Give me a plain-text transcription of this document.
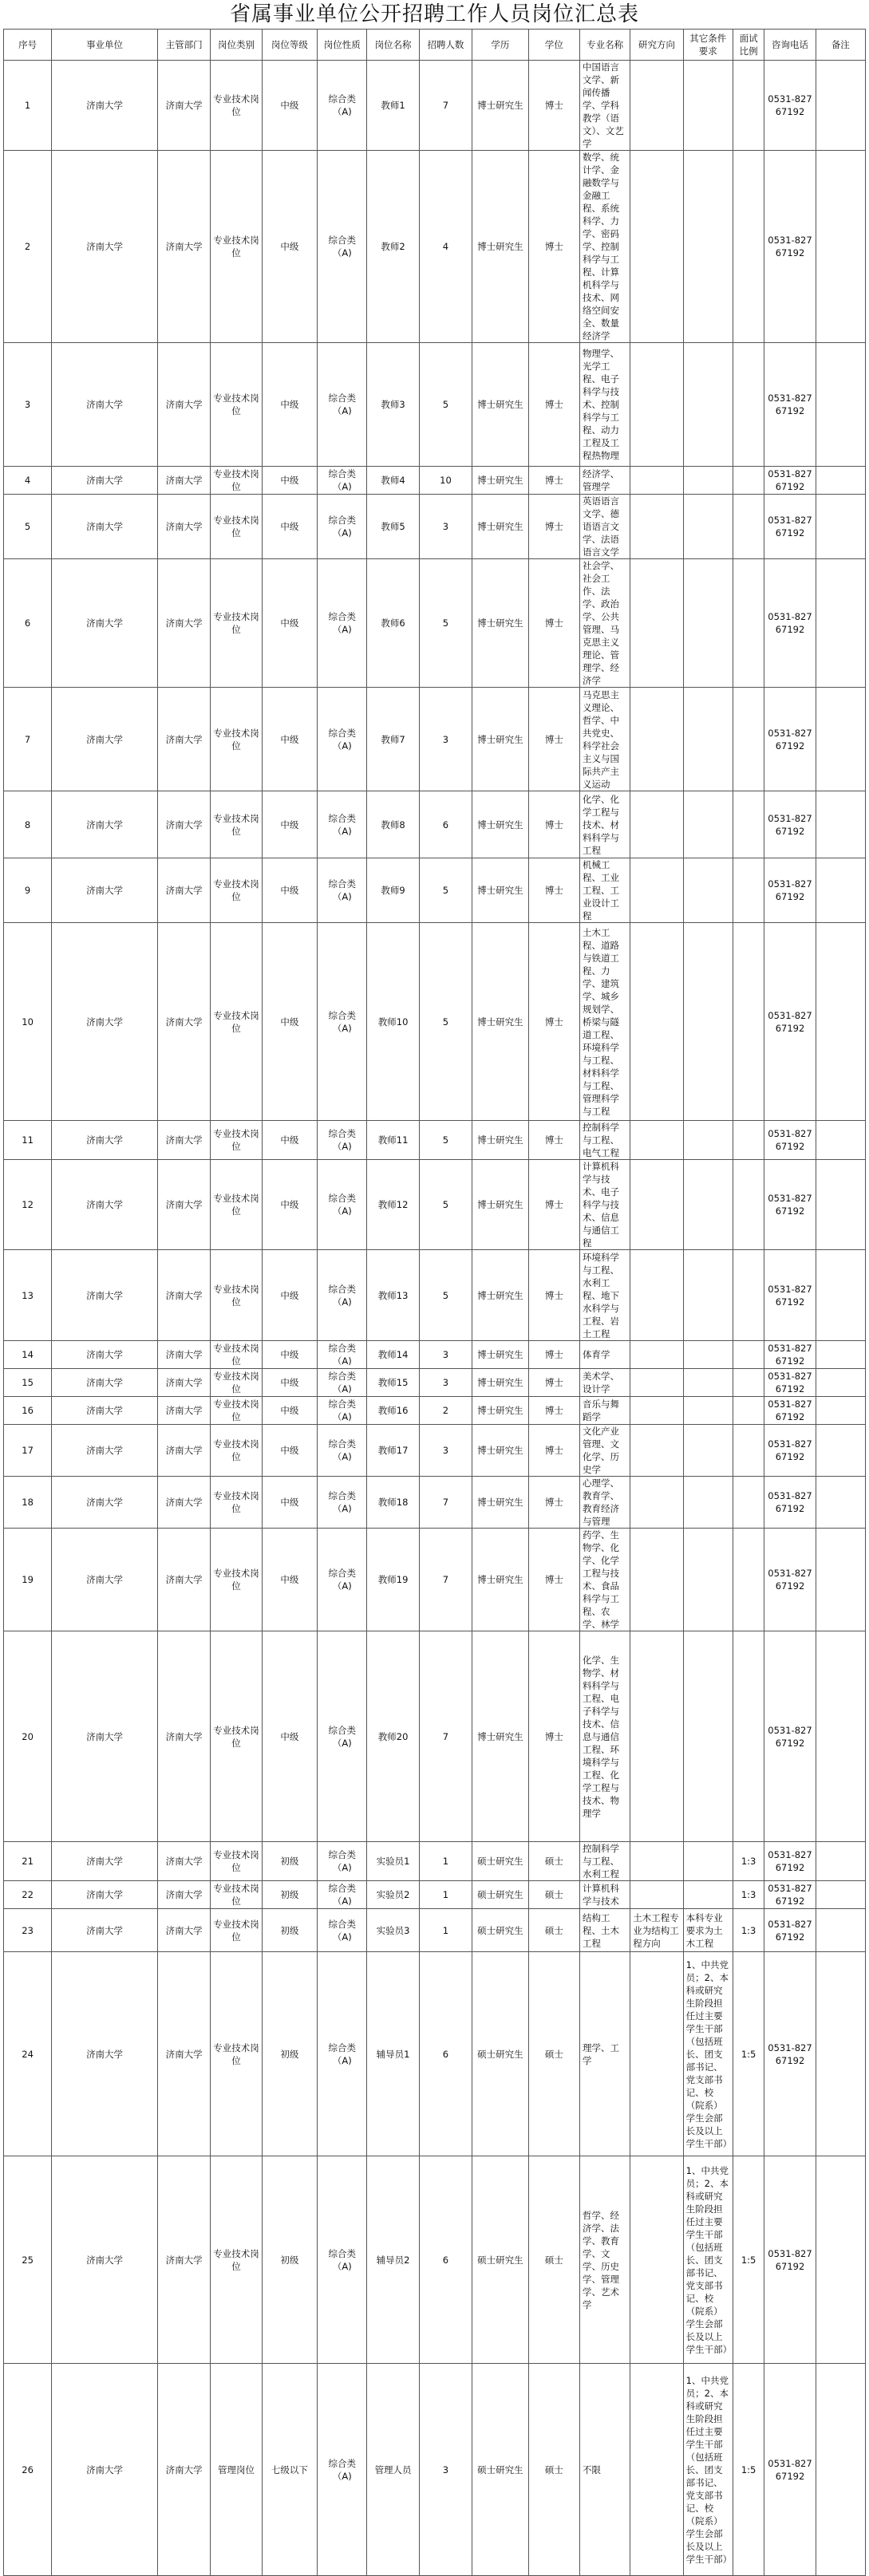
省属事业单位公开招聘工作人员岗位汇总表
序号	事业单位	主管部门	岗位类别	岗位等级	岗位性质	岗位名称	招聘人数	学历	学位	专业名称	研究方向	其它条件要求	面试比例	咨询电话	备注
1	济南大学	济南大学	专业技术岗位	中级	综合类（A)	教师1	7	博士研究生	博士	中国语言文学、新闻传播学、学科教学（语文）、文艺学				0531-82767192	
2	济南大学	济南大学	专业技术岗位	中级	综合类（A)	教师2	4	博士研究生	博士	数学、统计学、金融数学与金融工程、系统科学、力学、密码学、控制科学与工程、计算机科学与技术、网络空间安全、数量经济学				0531-82767192	
3	济南大学	济南大学	专业技术岗位	中级	综合类（A)	教师3	5	博士研究生	博士	物理学、光学工程、电子科学与技术、控制科学与工程、动力工程及工程热物理				0531-82767192	
4	济南大学	济南大学	专业技术岗位	中级	综合类（A)	教师4	10	博士研究生	博士	经济学、管理学				0531-82767192	
5	济南大学	济南大学	专业技术岗位	中级	综合类（A)	教师5	3	博士研究生	博士	英语语言文学、德语语言文学、法语语言文学				0531-82767192	
6	济南大学	济南大学	专业技术岗位	中级	综合类（A)	教师6	5	博士研究生	博士	社会学、社会工作、法学、政治学、公共管理、马克思主义理论、管理学、经济学				0531-82767192	
7	济南大学	济南大学	专业技术岗位	中级	综合类（A)	教师7	3	博士研究生	博士	马克思主义理论、哲学、中共党史、科学社会主义与国际共产主义运动				0531-82767192	
8	济南大学	济南大学	专业技术岗位	中级	综合类（A)	教师8	6	博士研究生	博士	化学、化学工程与技术、材料科学与工程				0531-82767192	
9	济南大学	济南大学	专业技术岗位	中级	综合类（A)	教师9	5	博士研究生	博士	机械工程、工业工程、工业设计工程				0531-82767192	
10	济南大学	济南大学	专业技术岗位	中级	综合类（A)	教师10	5	博士研究生	博士	土木工程、道路与铁道工程、力学、建筑学、城乡规划学、桥梁与隧道工程、环境科学与工程、材料科学与工程、管理科学与工程				0531-82767192	
11	济南大学	济南大学	专业技术岗位	中级	综合类（A)	教师11	5	博士研究生	博士	控制科学与工程、电气工程				0531-82767192	
12	济南大学	济南大学	专业技术岗位	中级	综合类（A)	教师12	5	博士研究生	博士	计算机科学与技术、电子科学与技术、信息与通信工程				0531-82767192	
13	济南大学	济南大学	专业技术岗位	中级	综合类（A)	教师13	5	博士研究生	博士	环境科学与工程、水利工程、地下水科学与工程、岩土工程				0531-82767192	
14	济南大学	济南大学	专业技术岗位	中级	综合类（A)	教师14	3	博士研究生	博士	体育学				0531-82767192	
15	济南大学	济南大学	专业技术岗位	中级	综合类（A)	教师15	3	博士研究生	博士	美术学、设计学				0531-82767192	
16	济南大学	济南大学	专业技术岗位	中级	综合类（A)	教师16	2	博士研究生	博士	音乐与舞蹈学				0531-82767192	
17	济南大学	济南大学	专业技术岗位	中级	综合类（A)	教师17	3	博士研究生	博士	文化产业管理、文化学、历史学				0531-82767192	
18	济南大学	济南大学	专业技术岗位	中级	综合类（A)	教师18	7	博士研究生	博士	心理学、教育学、教育经济与管理				0531-82767192	
19	济南大学	济南大学	专业技术岗位	中级	综合类（A)	教师19	7	博士研究生	博士	药学、生物学、化学、化学工程与技术、食品科学与工程、农学、林学				0531-82767192	
20	济南大学	济南大学	专业技术岗位	中级	综合类（A)	教师20	7	博士研究生	博士	化学、生物学、材料科学与工程、电子科学与技术、信息与通信工程、环境科学与工程、化学工程与技术、物理学				0531-82767192	
21	济南大学	济南大学	专业技术岗位	初级	综合类（A)	实验员1	1	硕士研究生	硕士	控制科学与工程、水利工程			1:3	0531-82767192	
22	济南大学	济南大学	专业技术岗位	初级	综合类（A)	实验员2	1	硕士研究生	硕士	计算机科学与技术			1:3	0531-82767192	
23	济南大学	济南大学	专业技术岗位	初级	综合类（A)	实验员3	1	硕士研究生	硕士	结构工程、土木工程	土木工程专业为结构工程方向	本科专业要求为土木工程	1:3	0531-82767192	
24	济南大学	济南大学	专业技术岗位	初级	综合类（A)	辅导员1	6	硕士研究生	硕士	理学、工学		1、中共党员；2、本科或研究生阶段担任过主要学生干部（包括班长、团支部书记、党支部书记、校（院系）学生会部长及以上学生干部）	1:5	0531-82767192	
25	济南大学	济南大学	专业技术岗位	初级	综合类（A)	辅导员2	6	硕士研究生	硕士	哲学、经济学、法学、教育学、文学、历史学、管理学、艺术学		1、中共党员；2、本科或研究生阶段担任过主要学生干部（包括班长、团支部书记、党支部书记、校（院系）学生会部长及以上学生干部）	1:5	0531-82767192	
26	济南大学	济南大学	管理岗位	七级以下	综合类（A)	管理人员	3	硕士研究生	硕士	不限		1、中共党员；2、本科或研究生阶段担任过主要学生干部（包括班长、团支部书记、党支部书记、校（院系）学生会部长及以上学生干部）	1:5	0531-82767192	
